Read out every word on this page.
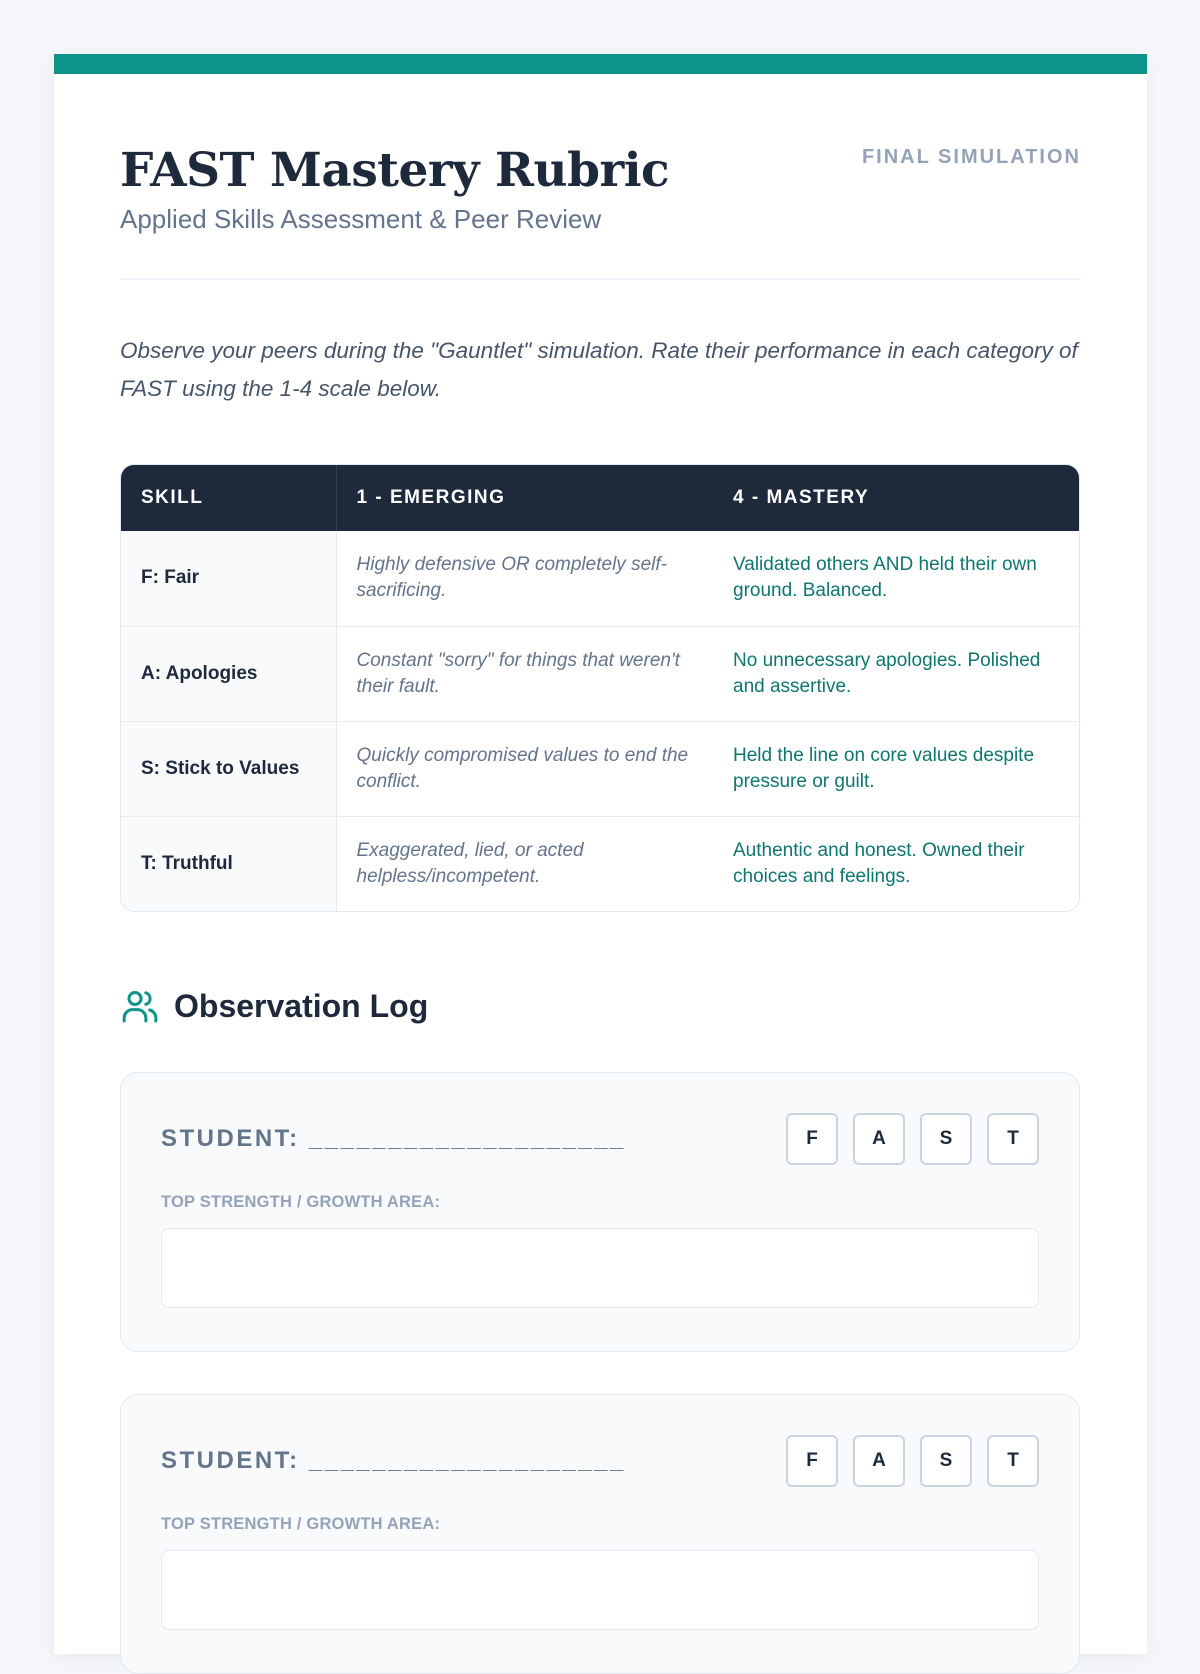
FAST Mastery Rubric

Applied Skills Assessment & Peer Review

FINAL SIMULATION

Observe your peers during the "Gauntlet" simulation. Rate their performance in each category of FAST using the 1-4 scale below.

SKILL	1 - EMERGING	4 - MASTERY
F: Fair	Highly defensive OR completely self-sacrificing.	Validated others AND held their own ground. Balanced.
A: Apologies	Constant "sorry" for things that weren't their fault.	No unnecessary apologies. Polished and assertive.
S: Stick to Values	Quickly compromised values to end the conflict.	Held the line on core values despite pressure or guilt.
T: Truthful	Exaggerated, lied, or acted helpless/incompetent.	Authentic and honest. Owned their choices and feelings.
Observation Log
STUDENT: ____________________	F	A	S	T
TOP STRENGTH / GROWTH AREA:
STUDENT: ____________________	F	A	S	T
TOP STRENGTH / GROWTH AREA:
